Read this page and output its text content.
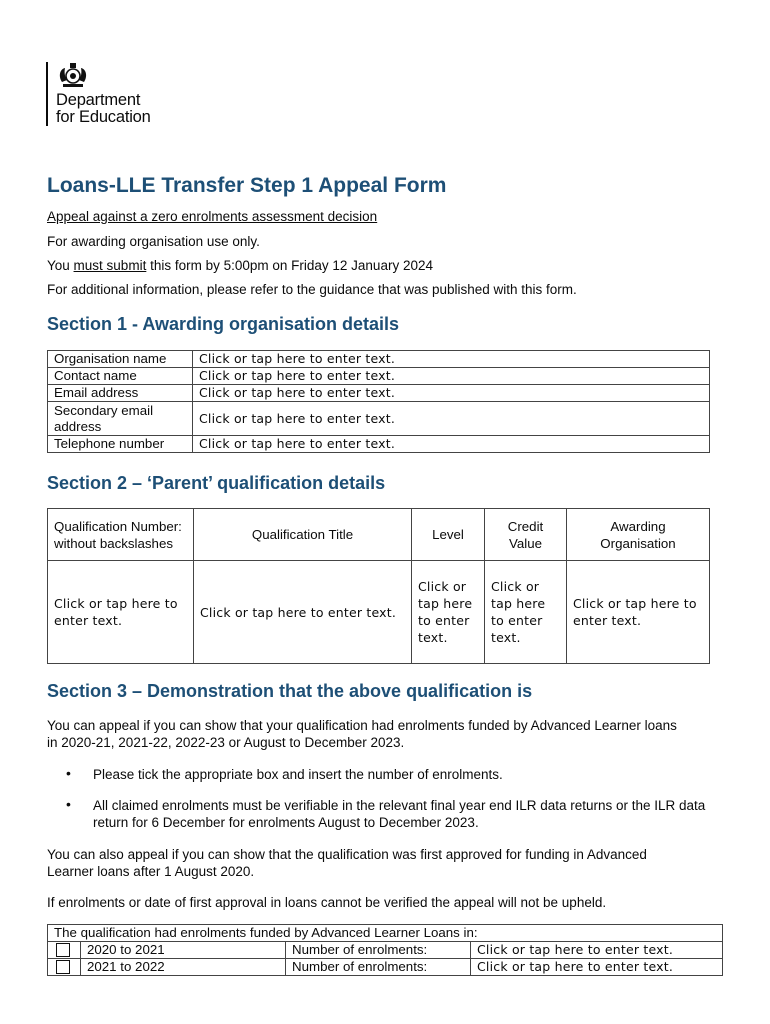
Department
for Education
Loans-LLE Transfer Step 1 Appeal Form
Appeal against a zero enrolments assessment decision
For awarding organisation use only.
You must submit this form by 5:00pm on Friday 12 January 2024
For additional information, please refer to the guidance that was published with this form.
Section 1 - Awarding organisation details
Organisation name	Click or tap here to enter text.
Contact name	Click or tap here to enter text.
Email address	Click or tap here to enter text.
Secondary email address	Click or tap here to enter text.
Telephone number	Click or tap here to enter text.
Section 2 – ‘Parent’ qualification details
Qualification Number: without backslashes	Qualification Title	Level	Credit Value	Awarding Organisation
Click or tap here to enter text.	Click or tap here to enter text.	Click or tap here to enter text.	Click or tap here to enter text.	Click or tap here to enter text.
Section 3 – Demonstration that the above qualification is
You can appeal if you can show that your qualification had enrolments funded by Advanced Learner loans in 2020-21, 2021-22, 2022-23 or August to December 2023.
• Please tick the appropriate box and insert the number of enrolments.
• All claimed enrolments must be verifiable in the relevant final year end ILR data returns or the ILR data return for 6 December for enrolments August to December 2023.
You can also appeal if you can show that the qualification was first approved for funding in Advanced Learner loans after 1 August 2020.
If enrolments or date of first approval in loans cannot be verified the appeal will not be upheld.
The qualification had enrolments funded by Advanced Learner Loans in:			
	2020 to 2021	Number of enrolments:	Click or tap here to enter text.
	2021 to 2022	Number of enrolments:	Click or tap here to enter text.
